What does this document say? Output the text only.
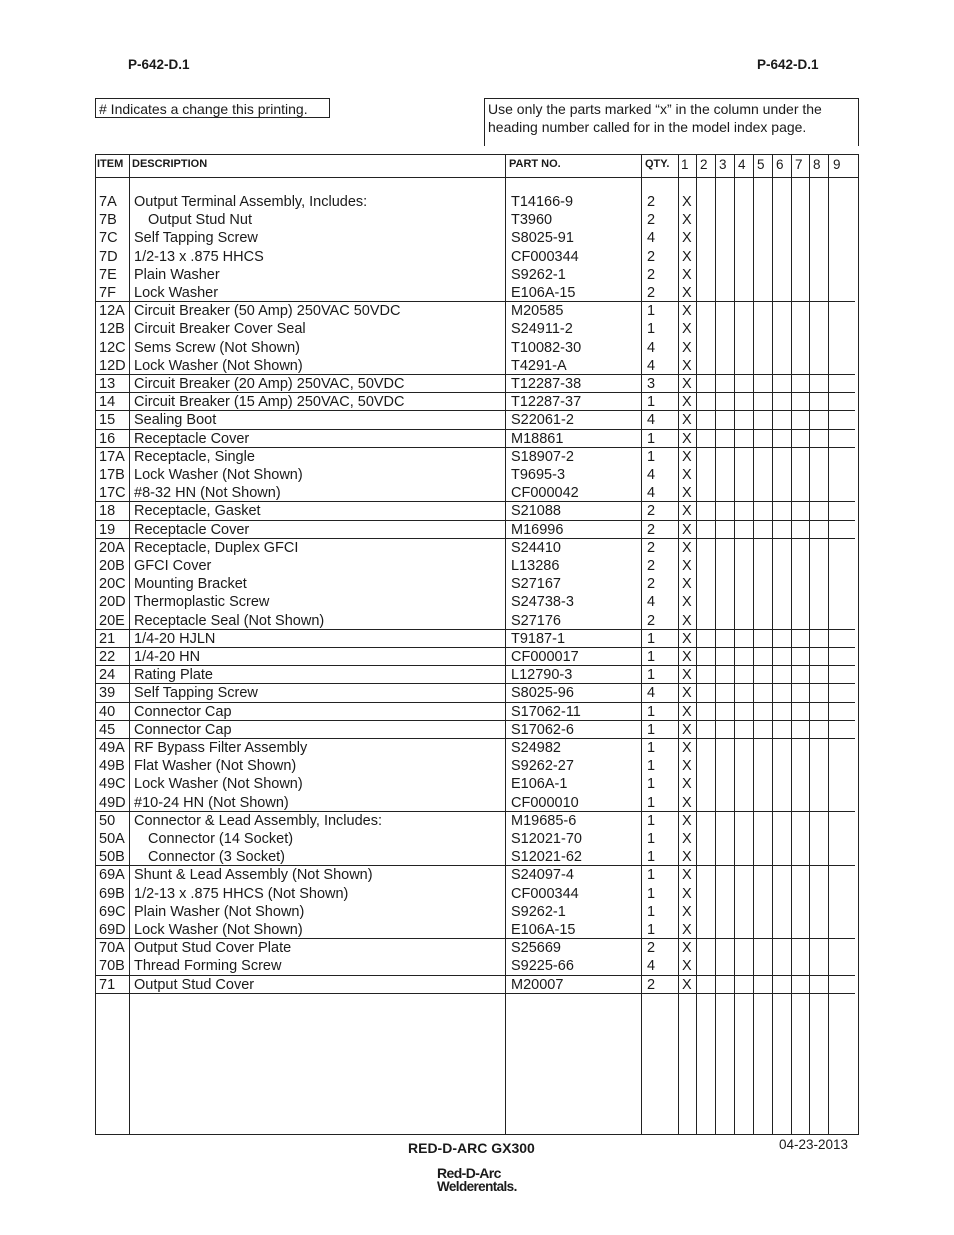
P-642-D.1	P-642-D.1
# Indicates a change this printing.	Use only the parts marked “x” in the column under the heading number called for in the model index page.
ITEM DESCRIPTION	PART NO.	QTY. 1 2 3 4 5 6 7 8 9
7A Output Terminal Assembly, Includes:	T14166-9	2 X
7B Output Stud Nut	T3960	2 X
7C Self Tapping Screw	S8025-91	4 X
7D 1/2-13 x .875 HHCS	CF000344	2 X
7E Plain Washer	S9262-1	2 X
7F Lock Washer	E106A-15	2 X
12A Circuit Breaker (50 Amp) 250VAC 50VDC	M20585	1 X
12B Circuit Breaker Cover Seal	S24911-2	1 X
12C Sems Screw (Not Shown)	T10082-30	4 X
12D Lock Washer (Not Shown)	T4291-A	4 X
13 Circuit Breaker (20 Amp) 250VAC, 50VDC	T12287-38	3 X
14 Circuit Breaker (15 Amp) 250VAC, 50VDC	T12287-37	1 X
15 Sealing Boot	S22061-2	4 X
16 Receptacle Cover	M18861	1 X
17A Receptacle, Single	S18907-2	1 X
17B Lock Washer (Not Shown)	T9695-3	4 X
17C #8-32 HN (Not Shown)	CF000042	4 X
18 Receptacle, Gasket	S21088	2 X
19 Receptacle Cover	M16996	2 X
20A Receptacle, Duplex GFCI	S24410	2 X
20B GFCI Cover	L13286	2 X
20C Mounting Bracket	S27167	2 X
20D Thermoplastic Screw	S24738-3	4 X
20E Receptacle Seal (Not Shown)	S27176	2 X
21 1/4-20 HJLN	T9187-1	1 X
22 1/4-20 HN	CF000017	1 X
24 Rating Plate	L12790-3	1 X
39 Self Tapping Screw	S8025-96	4 X
40 Connector Cap	S17062-11	1 X
45 Connector Cap	S17062-6	1 X
49A RF Bypass Filter Assembly	S24982	1 X
49B Flat Washer (Not Shown)	S9262-27	1 X
49C Lock Washer (Not Shown)	E106A-1	1 X
49D #10-24 HN (Not Shown)	CF000010	1 X
50 Connector & Lead Assembly, Includes:	M19685-6	1 X
50A Connector (14 Socket)	S12021-70	1 X
50B Connector (3 Socket)	S12021-62	1 X
69A Shunt & Lead Assembly (Not Shown)	S24097-4	1 X
69B 1/2-13 x .875 HHCS (Not Shown)	CF000344	1 X
69C Plain Washer (Not Shown)	S9262-1	1 X
69D Lock Washer (Not Shown)	E106A-15	1 X
70A Output Stud Cover Plate	S25669	2 X
70B Thread Forming Screw	S9225-66	4 X
71 Output Stud Cover	M20007	2 X
RED-D-ARC GX300	04-23-2013
Red-D-Arc
Welderentals.
